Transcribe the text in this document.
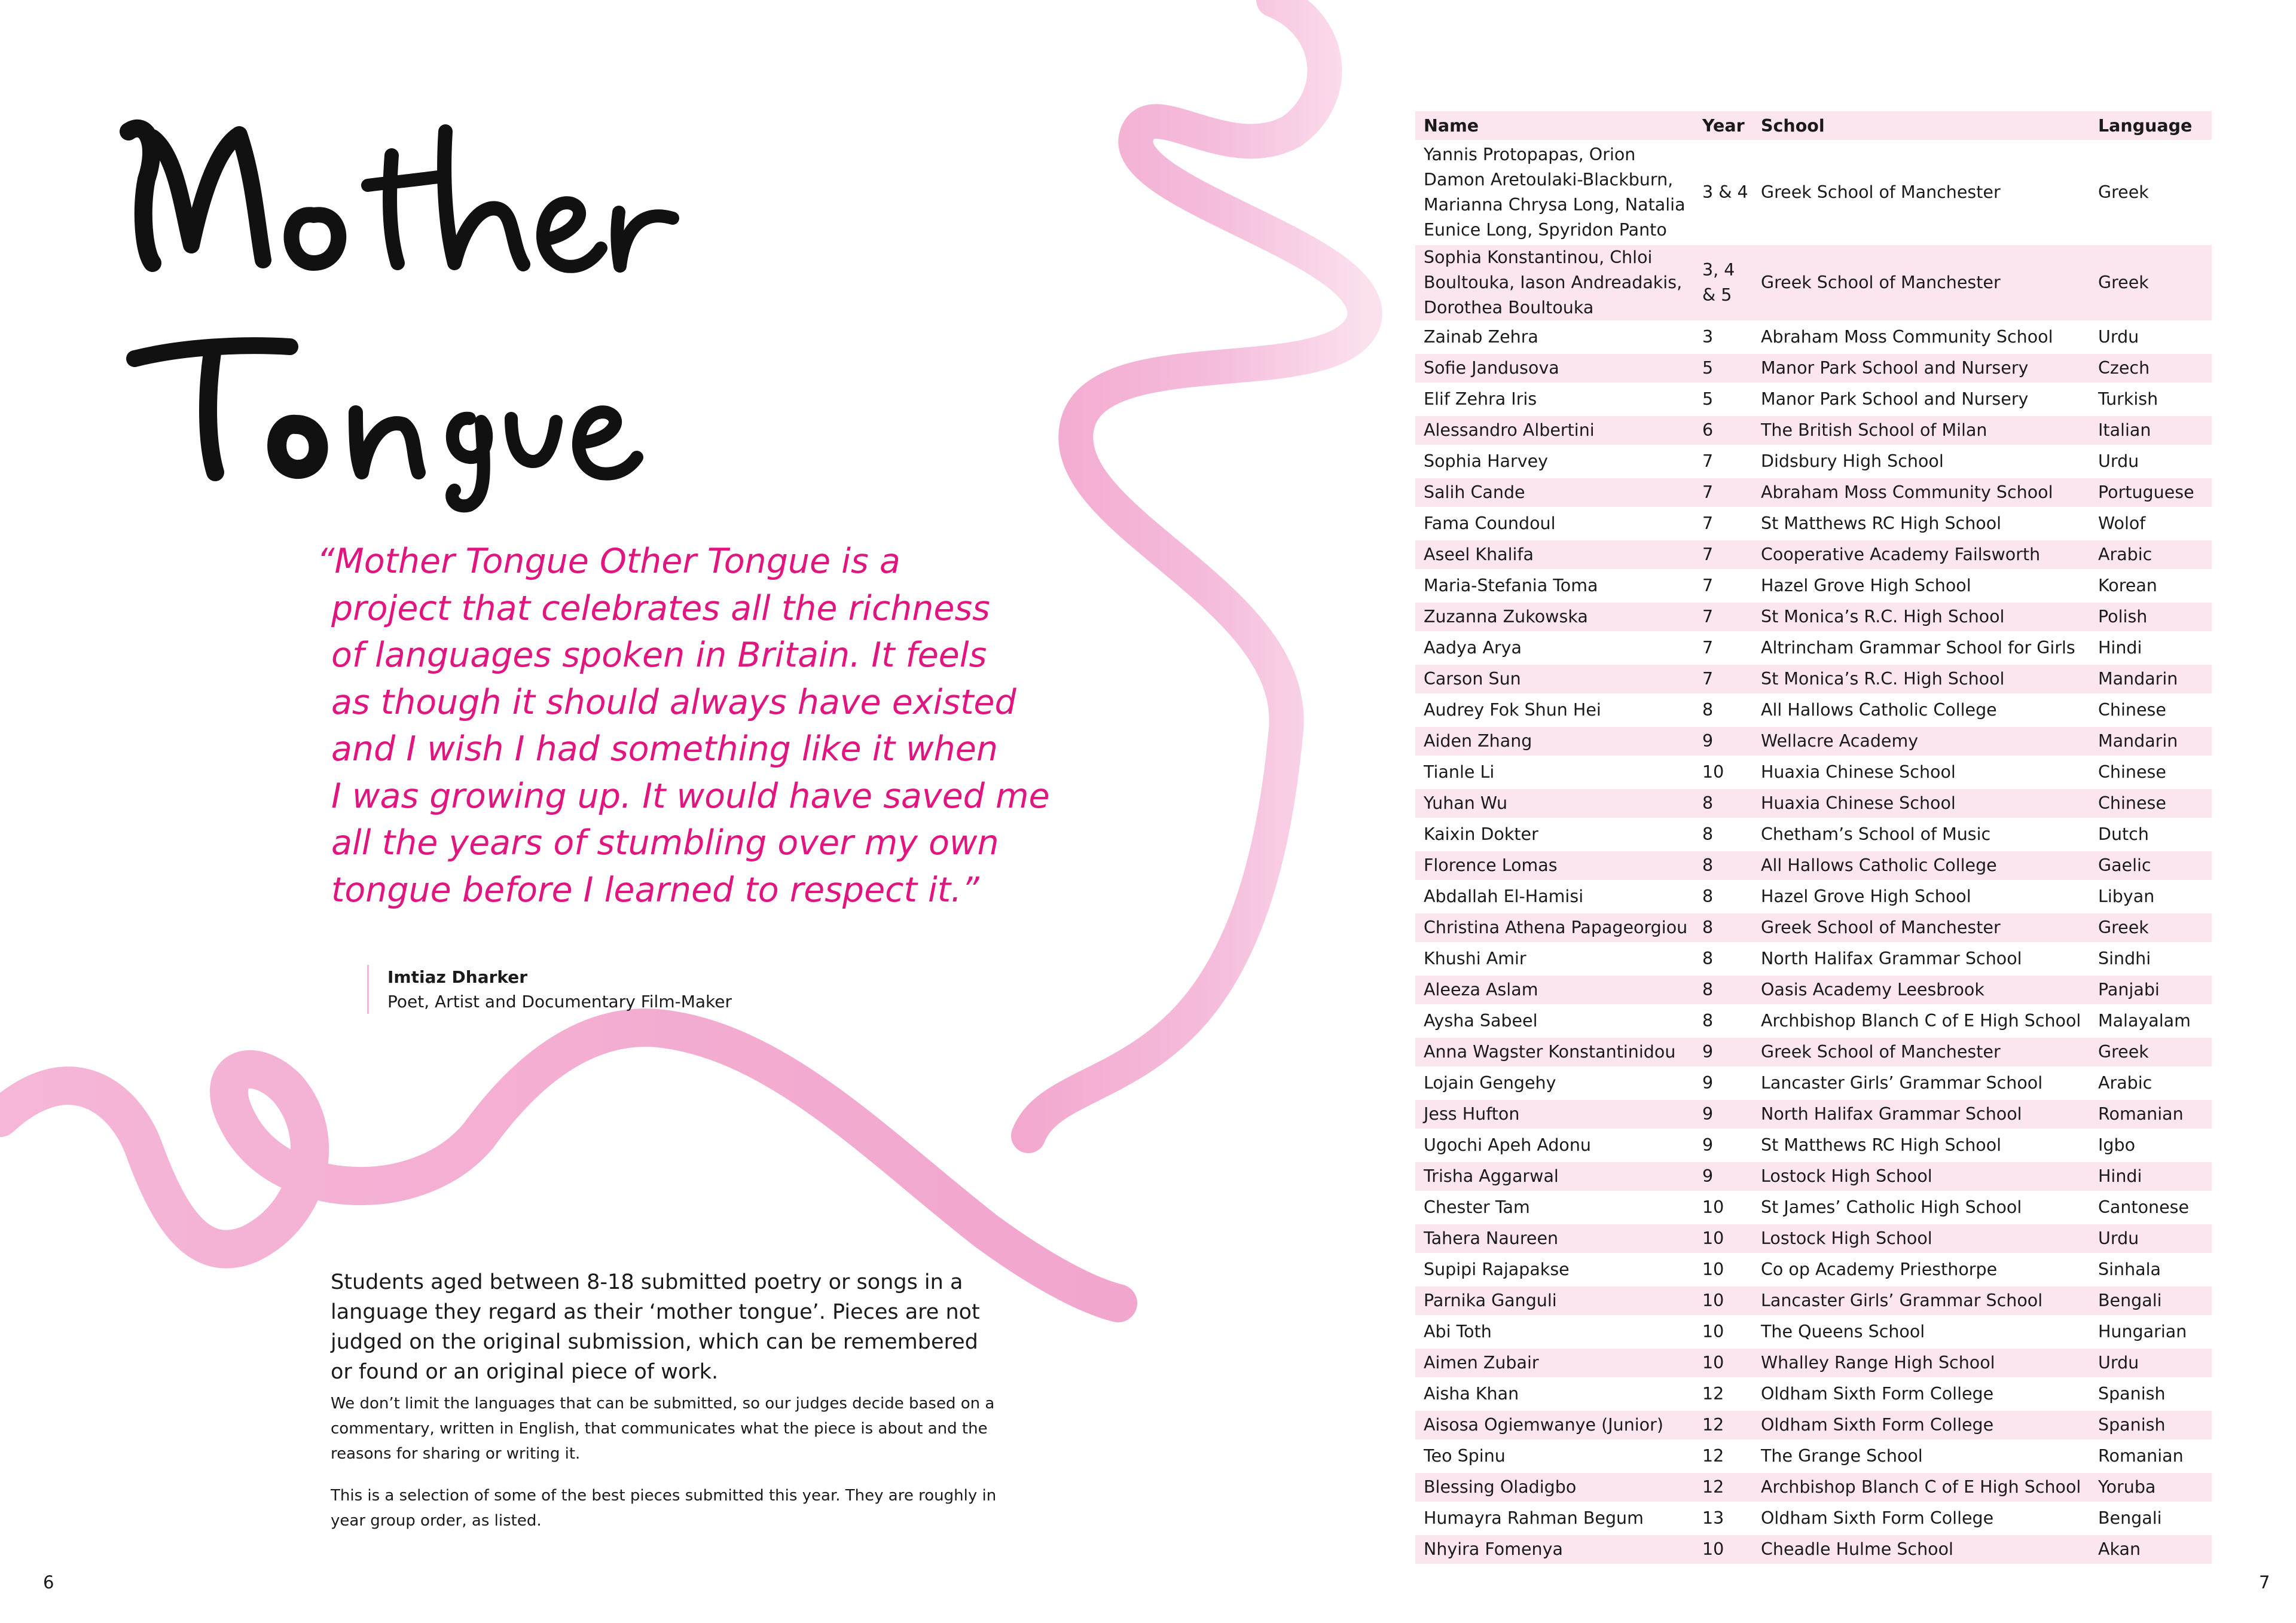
“Mother Tongue Other Tongue is a
project that celebrates all the richness
of languages spoken in Britain. It feels
as though it should always have existed
and I wish I had something like it when
I was growing up. It would have saved me
all the years of stumbling over my own
tongue before I learned to respect it.”
Imtiaz Dharker
Poet, Artist and Documentary Film-Maker
Students aged between 8-18 submitted poetry or songs in a
language they regard as their ‘mother tongue’. Pieces are not
judged on the original submission, which can be remembered
or found or an original piece of work.
We don’t limit the languages that can be submitted, so our judges decide based on a
commentary, written in English, that communicates what the piece is about and the
reasons for sharing or writing it.
This is a selection of some of the best pieces submitted this year. They are roughly in
year group order, as listed.
6	7
Name	Year	School	Language
Yannis Protopapas, Orion Damon Aretoulaki-Blackburn, Marianna Chrysa Long, Natalia Eunice Long, Spyridon Panto	3 & 4	Greek School of Manchester	Greek
Sophia Konstantinou, Chloi Boultouka, Iason Andreadakis, Dorothea Boultouka	3, 4 & 5	Greek School of Manchester	Greek
Zainab Zehra	3	Abraham Moss Community School	Urdu
Sofie Jandusova	5	Manor Park School and Nursery	Czech
Elif Zehra Iris	5	Manor Park School and Nursery	Turkish
Alessandro Albertini	6	The British School of Milan	Italian
Sophia Harvey	7	Didsbury High School	Urdu
Salih Cande	7	Abraham Moss Community School	Portuguese
Fama Coundoul	7	St Matthews RC High School	Wolof
Aseel Khalifa	7	Cooperative Academy Failsworth	Arabic
Maria-Stefania Toma	7	Hazel Grove High School	Korean
Zuzanna Zukowska	7	St Monica’s R.C. High School	Polish
Aadya Arya	7	Altrincham Grammar School for Girls	Hindi
Carson Sun	7	St Monica’s R.C. High School	Mandarin
Audrey Fok Shun Hei	8	All Hallows Catholic College	Chinese
Aiden Zhang	9	Wellacre Academy	Mandarin
Tianle Li	10	Huaxia Chinese School	Chinese
Yuhan Wu	8	Huaxia Chinese School	Chinese
Kaixin Dokter	8	Chetham’s School of Music	Dutch
Florence Lomas	8	All Hallows Catholic College	Gaelic
Abdallah El-Hamisi	8	Hazel Grove High School	Libyan
Christina Athena Papageorgiou	8	Greek School of Manchester	Greek
Khushi Amir	8	North Halifax Grammar School	Sindhi
Aleeza Aslam	8	Oasis Academy Leesbrook	Panjabi
Aysha Sabeel	8	Archbishop Blanch C of E High School	Malayalam
Anna Wagster Konstantinidou	9	Greek School of Manchester	Greek
Lojain Gengehy	9	Lancaster Girls’ Grammar School	Arabic
Jess Hufton	9	North Halifax Grammar School	Romanian
Ugochi Apeh Adonu	9	St Matthews RC High School	Igbo
Trisha Aggarwal	9	Lostock High School	Hindi
Chester Tam	10	St James’ Catholic High School	Cantonese
Tahera Naureen	10	Lostock High School	Urdu
Supipi Rajapakse	10	Co op Academy Priesthorpe	Sinhala
Parnika Ganguli	10	Lancaster Girls’ Grammar School	Bengali
Abi Toth	10	The Queens School	Hungarian
Aimen Zubair	10	Whalley Range High School	Urdu
Aisha Khan	12	Oldham Sixth Form College	Spanish
Aisosa Ogiemwanye (Junior)	12	Oldham Sixth Form College	Spanish
Teo Spinu	12	The Grange School	Romanian
Blessing Oladigbo	12	Archbishop Blanch C of E High School	Yoruba
Humayra Rahman Begum	13	Oldham Sixth Form College	Bengali
Nhyira Fomenya	10	Cheadle Hulme School	Akan
